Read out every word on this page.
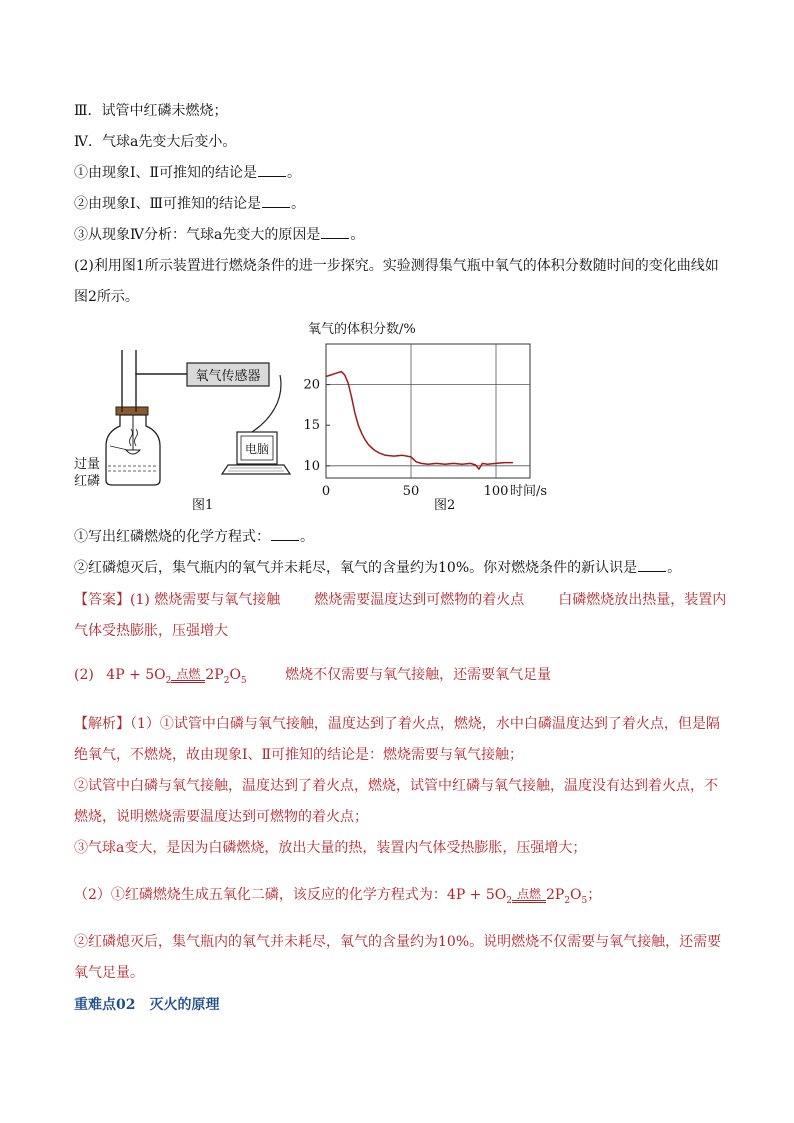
Ⅲ．试管中红磷未燃烧；
Ⅳ．气球a先变大后变小。
①由现象Ⅰ、Ⅱ可推知的结论是 。
②由现象Ⅰ、Ⅲ可推知的结论是 。
③从现象Ⅳ分析：气球a先变大的原因是 。
(2)利用图1所示装置进行燃烧条件的进一步探究。实验测得集气瓶中氧气的体积分数随时间的变化曲线如
图2所示。
氧气传感器
电脑
过量
红磷
图1
氧气的体积分数/%
10
15
20
0	50	100 时间/s
图2
①写出红磷燃烧的化学方程式： 。
②红磷熄灭后，集气瓶内的氧气并未耗尽，氧气的含量约为10%。你对燃烧条件的新认识是 。
【答案】(1) 燃烧需要与氧气接触 燃烧需要温度达到可燃物的着火点 白磷燃烧放出热量，装置内
气体受热膨胀，压强增大
(2) $4P + 5O_2$
点燃 $2P_2O_5$	燃烧不仅需要与氧气接触，还需要氧气足量
【解析】（1）①试管中白磷与氧气接触，温度达到了着火点，燃烧，水中白磷温度达到了着火点，但是隔
绝氧气，不燃烧，故由现象Ⅰ、Ⅱ可推知的结论是：燃烧需要与氧气接触；
②试管中白磷与氧气接触，温度达到了着火点，燃烧，试管中红磷与氧气接触，温度没有达到着火点，不
燃烧，说明燃烧需要温度达到可燃物的着火点；
③气球a变大，是因为白磷燃烧，放出大量的热，装置内气体受热膨胀，压强增大；
（2）①红磷燃烧生成五氧化二磷，该反应的化学方程式为：$4P + 5O_2$
点燃 $2P_2O_5$；
②红磷熄灭后，集气瓶内的氧气并未耗尽，氧气的含量约为10%。说明燃烧不仅需要与氧气接触，还需要
氧气足量。
重难点02　灭火的原理
